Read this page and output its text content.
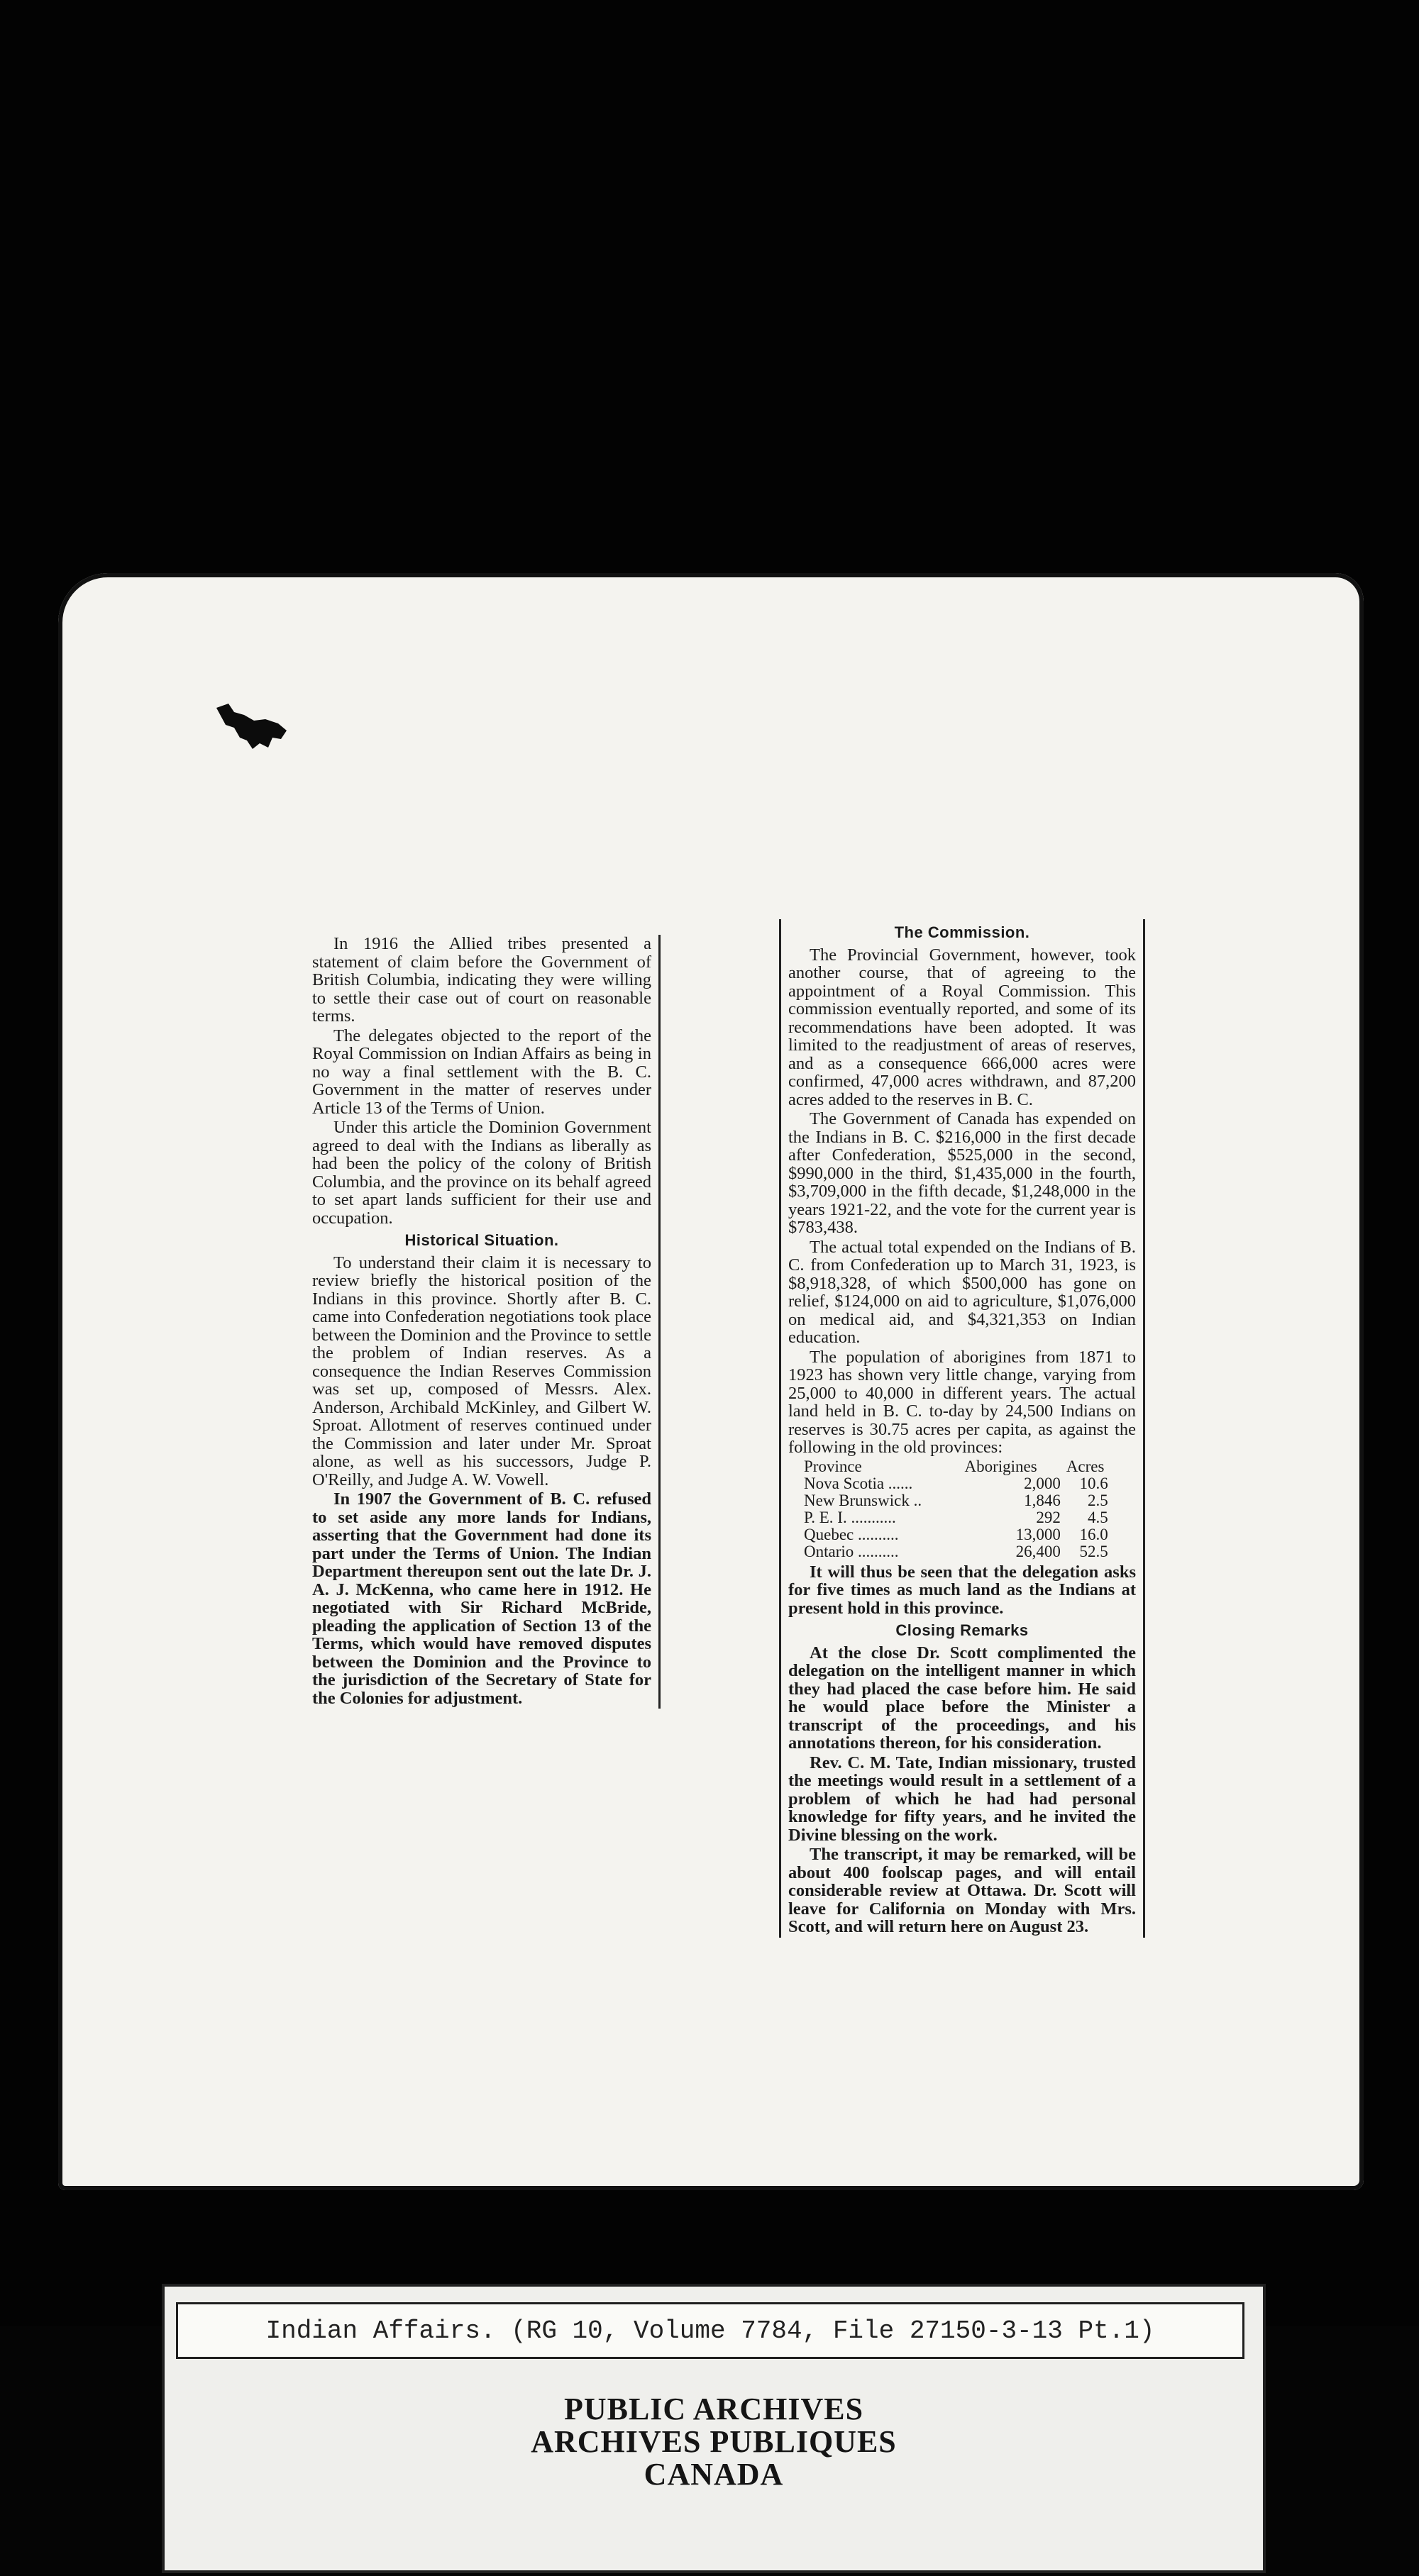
In 1916 the Allied tribes presented a statement of claim before the Government of British Columbia, indicating they were willing to settle their case out of court on reasonable terms.

The delegates objected to the report of the Royal Commission on Indian Affairs as being in no way a final settlement with the B. C. Government in the matter of reserves under Article 13 of the Terms of Union.

Under this article the Dominion Government agreed to deal with the Indians as liberally as had been the policy of the colony of British Columbia, and the province on its behalf agreed to set apart lands sufficient for their use and occupation.

Historical Situation.

To understand their claim it is necessary to review briefly the historical position of the Indians in this province. Shortly after B. C. came into Confederation negotiations took place between the Dominion and the Province to settle the problem of Indian reserves. As a consequence the Indian Reserves Commission was set up, composed of Messrs. Alex. Anderson, Archibald McKinley, and Gilbert W. Sproat. Allotment of reserves continued under the Commission and later under Mr. Sproat alone, as well as his successors, Judge P. O'Reilly, and Judge A. W. Vowell.

In 1907 the Government of B. C. refused to set aside any more lands for Indians, asserting that the Government had done its part under the Terms of Union. The Indian Department thereupon sent out the late Dr. J. A. J. McKenna, who came here in 1912. He negotiated with Sir Richard McBride, pleading the application of Section 13 of the Terms, which would have removed disputes between the Dominion and the Province to the jurisdiction of the Secretary of State for the Colonies for adjustment.

The Commission.

The Provincial Government, however, took another course, that of agreeing to the appointment of a Royal Commission. This commission eventually reported, and some of its recommendations have been adopted. It was limited to the readjustment of areas of reserves, and as a consequence 666,000 acres were confirmed, 47,000 acres withdrawn, and 87,200 acres added to the reserves in B. C.

The Government of Canada has expended on the Indians in B. C. $216,000 in the first decade after Confederation, $525,000 in the second, $990,000 in the third, $1,435,000 in the fourth, $3,709,000 in the fifth decade, $1,248,000 in the years 1921-22, and the vote for the current year is $783,438.

The actual total expended on the Indians of B. C. from Confederation up to March 31, 1923, is $8,918,328, of which $500,000 has gone on relief, $124,000 on aid to agriculture, $1,076,000 on medical aid, and $4,321,353 on Indian education.

The population of aborigines from 1871 to 1923 has shown very little change, varying from 25,000 to 40,000 in different years. The actual land held in B. C. to-day by 24,500 Indians on reserves is 30.75 acres per capita, as against the following in the old provinces:

Province	Aborigines	Acres
Nova Scotia ......	2,000	10.6
New Brunswick ..	1,846	2.5
P. E. I. ...........	292	4.5
Quebec ..........	13,000	16.0
Ontario ..........	26,400	52.5

It will thus be seen that the delegation asks for five times as much land as the Indians at present hold in this province.

Closing Remarks

At the close Dr. Scott complimented the delegation on the intelligent manner in which they had placed the case before him. He said he would place before the Minister a transcript of the proceedings, and his annotations thereon, for his consideration.

Rev. C. M. Tate, Indian missionary, trusted the meetings would result in a settlement of a problem of which he had had personal knowledge for fifty years, and he invited the Divine blessing on the work.

The transcript, it may be remarked, will be about 400 foolscap pages, and will entail considerable review at Ottawa. Dr. Scott will leave for California on Monday with Mrs. Scott, and will return here on August 23.

Indian Affairs. (RG 10, Volume 7784, File 27150-3-13 Pt.1)
PUBLIC ARCHIVES
ARCHIVES PUBLIQUES
CANADA
